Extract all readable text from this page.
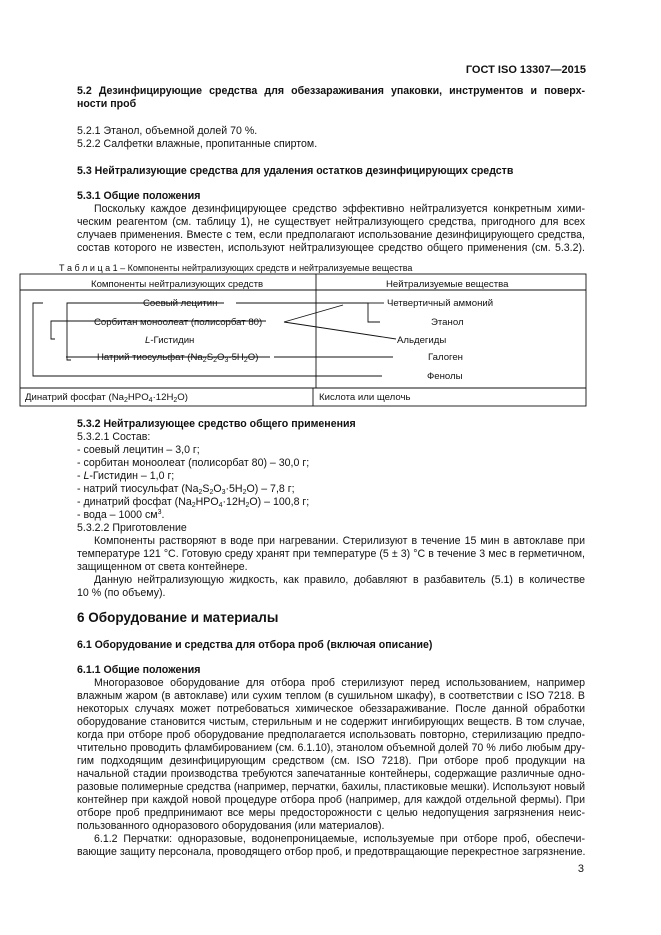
ГОСТ ISO 13307—2015
5.2 Дезинфицирующие средства для обеззараживания упаковки, инструментов и поверх-
ности проб
5.2.1 Этанол, объемной долей 70 %.
5.2.2 Салфетки влажные, пропитанные спиртом.
5.3 Нейтрализующие средства для удаления остатков дезинфицирующих средств
5.3.1 Общие положения
Поскольку каждое дезинфицирующее средство эффективно нейтрализуется конкретным хими-
ческим реагентом (см. таблицу 1), не существует нейтрализующего средства, пригодного для всех
случаев применения. Вместе с тем, если предполагают использование дезинфицирующего средства,
состав которого не известен, используют нейтрализующее средство общего применения (см. 5.3.2).
Т а б л и ц а 1 – Компоненты нейтрализующих средств и нейтрализуемые вещества
Компоненты нейтрализующих средств	Нейтрализуемые вещества
Соевый лецитин
Сорбитан моноолеат (полисорбат 80)
L-Гистидин
Натрий тиосульфат $(Na_2S_2O_3\cdot 5H_2O)$
Четвертичный аммоний
Этанол
Альдегиды
Галоген
Фенолы
Динатрий фосфат $(Na_2HPO_4\cdot 12H_2O)$	Кислота или щелочь
5.3.2 Нейтрализующее средство общего применения
5.3.2.1 Состав:
- соевый лецитин – 3,0 г;
- сорбитан моноолеат (полисорбат 80) – 30,0 г;
- L-Гистидин – 1,0 г;
- натрий тиосульфат $(Na_2S_2O_3\cdot 5H_2O) - 7,8$ г;
- динатрий фосфат $(Na_2HPO_4\cdot 12H_2O) - 100,8$ г;
- вода – 1000 $см^3$.
5.3.2.2 Приготовление
Компоненты растворяют в воде при нагревании. Стерилизуют в течение 15 мин в автоклаве при
температуре 121 °С. Готовую среду хранят при температуре (5 ± 3) °С в течение 3 мес в герметичном,
защищенном от света контейнере.
Данную нейтрализующую жидкость, как правило, добавляют в разбавитель (5.1) в количестве
10 % (по объему).
6 Оборудование и материалы
6.1 Оборудование и средства для отбора проб (включая описание)
6.1.1 Общие положения
Многоразовое оборудование для отбора проб стерилизуют перед использованием, например
влажным жаром (в автоклаве) или сухим теплом (в сушильном шкафу), в соответствии с ISO 7218. В
некоторых случаях может потребоваться химическое обеззараживание. После данной обработки
оборудование становится чистым, стерильным и не содержит ингибирующих веществ. В том случае,
когда при отборе проб оборудование предполагается использовать повторно, стерилизацию предпо-
чтительно проводить фламбированием (см. 6.1.10), этанолом объемной долей 70 % либо любым дру-
гим подходящим дезинфицирующим средством (см. ISO 7218). При отборе проб продукции на
начальной стадии производства требуются запечатанные контейнеры, содержащие различные одно-
разовые полимерные средства (например, перчатки, бахилы, пластиковые мешки). Используют новый
контейнер при каждой новой процедуре отбора проб (например, для каждой отдельной фермы). При
отборе проб предпринимают все меры предосторожности с целью недопущения загрязнения неис-
пользованного одноразового оборудования (или материалов).
6.1.2 Перчатки: одноразовые, водонепроницаемые, используемые при отборе проб, обеспечи-
вающие защиту персонала, проводящего отбор проб, и предотвращающие перекрестное загрязнение.
3
